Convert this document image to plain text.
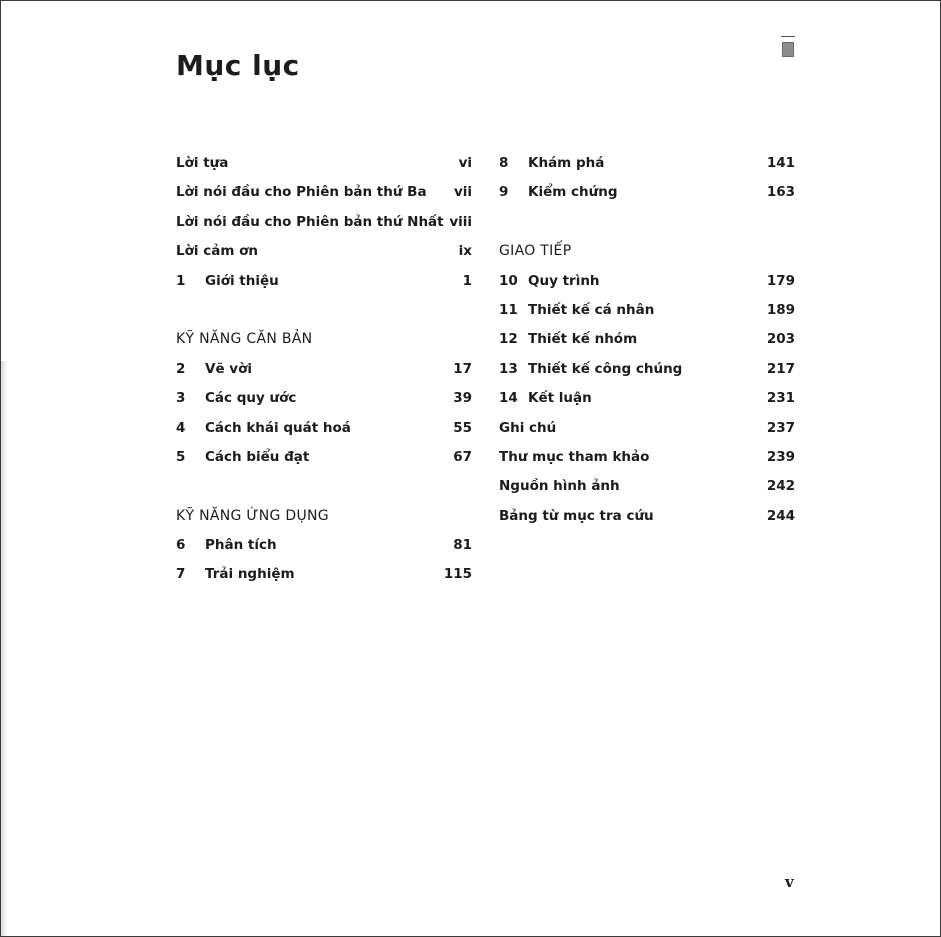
Mục lục
Lời tựa	vi
Lời nói đầu cho Phiên bản thứ Ba vii
Lời nói đầu cho Phiên bản thứ Nhất viii
Lời cảm ơn	ix
1 Giới thiệu	1
KỸ NĂNG CĂN BẢN
2 Vẽ vời	17
3 Các quy ước	39
4 Cách khái quát hoá	55
5 Cách biểu đạt	67
KỸ NĂNG ỨNG DỤNG
6 Phân tích	81
7 Trải nghiệm	115
8 Khám phá	141
9 Kiểm chứng	163
GIAO TIẾP
10 Quy trình	179
11 Thiết kế cá nhân	189
12 Thiết kế nhóm	203
13 Thiết kế công chúng	217
14 Kết luận	231
Ghi chú	237
Thư mục tham khảo	239
Nguồn hình ảnh	242
Bảng từ mục tra cứu	244
v
